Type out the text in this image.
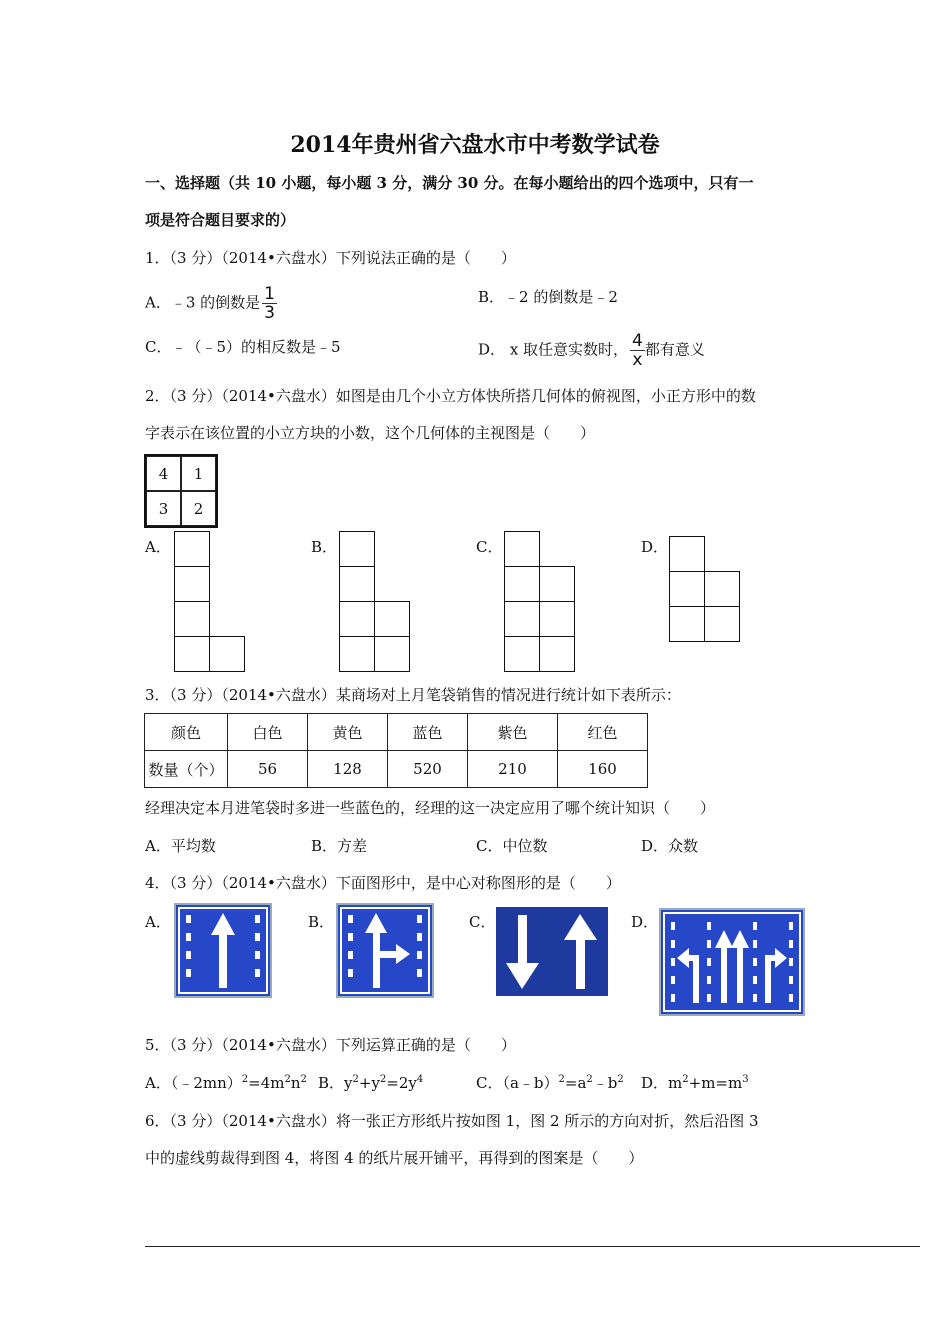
2014年贵州省六盘水市中考数学试卷
一、选择题（共 10 小题，每小题 3 分，满分 30 分。在每小题给出的四个选项中，只有一
项是符合题目要求的）
1．（3 分）（2014•六盘水）下列说法正确的是（　　）
A．﹣3 的倒数是 $\frac{1}{3}$	B．﹣2 的倒数是﹣2
C．﹣（﹣5）的相反数是﹣5	D． x 取任意实数时， $\frac{4}{x}$ 都有意义
2．（3 分）（2014•六盘水）如图是由几个小立方体快所搭几何体的俯视图，小正方形中的数
字表示在该位置的小立方块的小数，这个几何体的主视图是（　　）
4	1
3	2
A．	B．	C．	D．
3．（3 分）（2014•六盘水）某商场对上月笔袋销售的情况进行统计如下表所示：
颜色	白色	黄色	蓝色	紫色	红色
数量（个）	56	128	520	210	160
经理决定本月进笔袋时多进一些蓝色的，经理的这一决定应用了哪个统计知识（　　）
A．平均数	B．方差	C．中位数	D．众数
4．（3 分）（2014•六盘水）下面图形中，是中心对称图形的是（　　）
A．	B．	C．	D．
5．（3 分）（2014•六盘水）下列运算正确的是（　　）
A．$(﹣2mn)^2=4m^2n^2$ B．$y^2+y^2=2y^4$	C．$(a﹣b)^2=a^2﹣b^2$ D．$m^2+m=m^3$
6．（3 分）（2014•六盘水）将一张正方形纸片按如图 1，图 2 所示的方向对折，然后沿图 3
中的虚线剪裁得到图 4，将图 4 的纸片展开铺平，再得到的图案是（　　）
